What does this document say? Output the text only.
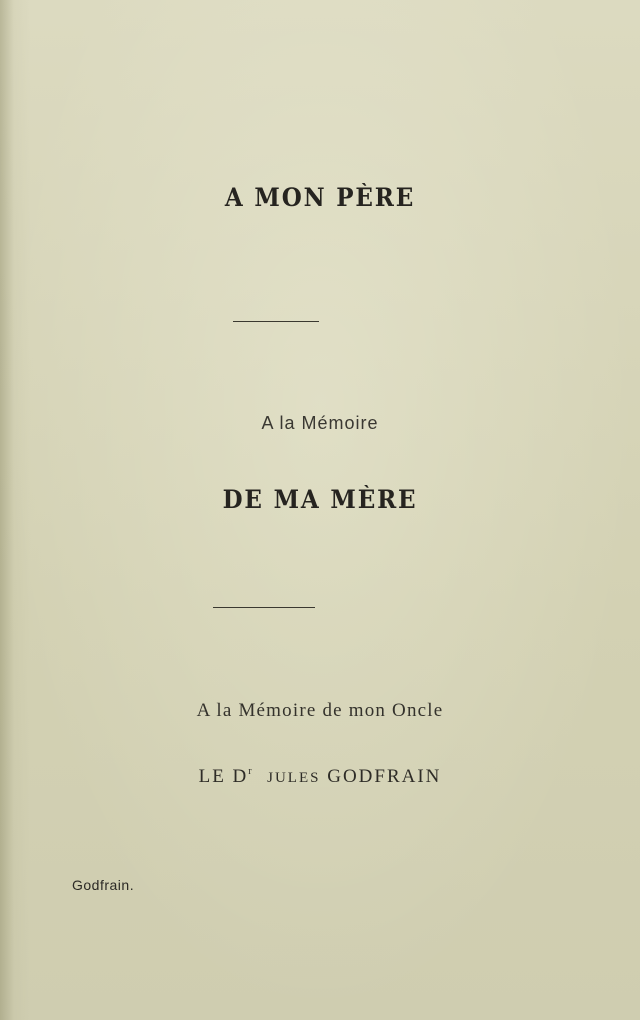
A MON PÈRE
A la Mémoire
DE MA MÈRE
A la Mémoire de mon Oncle
LE $D^r$ JULES GODFRAIN
Godfrain.
